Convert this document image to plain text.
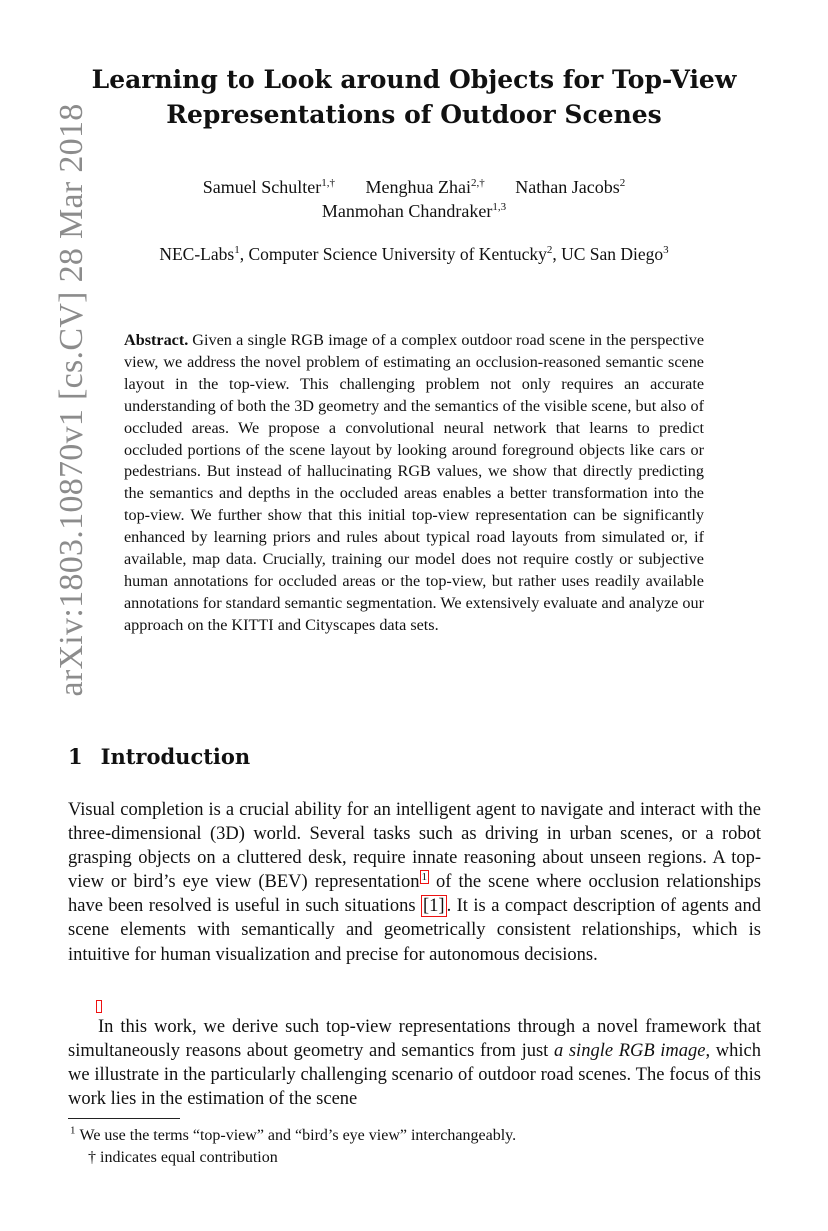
arXiv:1803.10870v1 [cs.CV] 28 Mar 2018
Learning to Look around Objects for Top-View
Representations of Outdoor Scenes
Samuel Schulter$^{1,\dagger}$ Menghua Zhai$^{2,\dagger}$ Nathan Jacobs$^2$
Manmohan Chandraker$^{1,3}$
NEC-Labs$^1$, Computer Science University of Kentucky$^2$, UC San Diego$^3$
Abstract. Given a single RGB image of a complex outdoor road scene in the perspective view, we address the novel problem of estimating an occlusion-reasoned semantic scene layout in the top-view. This challenging problem not only requires an accurate understanding of both the 3D geometry and the semantics of the visible scene, but also of occluded areas. We propose a convolutional neural network that learns to predict occluded portions of the scene layout by looking around foreground objects like cars or pedestrians. But instead of hallucinating RGB values, we show that directly predicting the semantics and depths in the occluded areas enables a better transformation into the top-view. We further show that this initial top-view representation can be significantly enhanced by learning priors and rules about typical road layouts from simulated or, if available, map data. Crucially, training our model does not require costly or subjective human annotations for occluded areas or the top-view, but rather uses readily available annotations for standard semantic segmentation. We extensively evaluate and analyze our approach on the KITTI and Cityscapes data sets.
1 Introduction
Visual completion is a crucial ability for an intelligent agent to navigate and interact with the three-dimensional (3D) world. Several tasks such as driving in urban scenes, or a robot grasping objects on a cluttered desk, require innate reasoning about unseen regions. A top-view or bird’s eye view (BEV) representation $^1$ of the scene where occlusion relationships have been resolved is useful in such situations [1] . It is a compact description of agents and scene elements with semantically and geometrically consistent relationships, which is intuitive for human visualization and precise for autonomous decisions.
In this work, we derive such top-view representations through a novel framework that simultaneously reasons about geometry and semantics from just a single RGB image, which we illustrate in the particularly challenging scenario of outdoor road scenes. The focus of this work lies in the estimation of the scene
$^1$ We use the terms “top-view” and “bird’s eye view” interchangeably.
† indicates equal contribution
